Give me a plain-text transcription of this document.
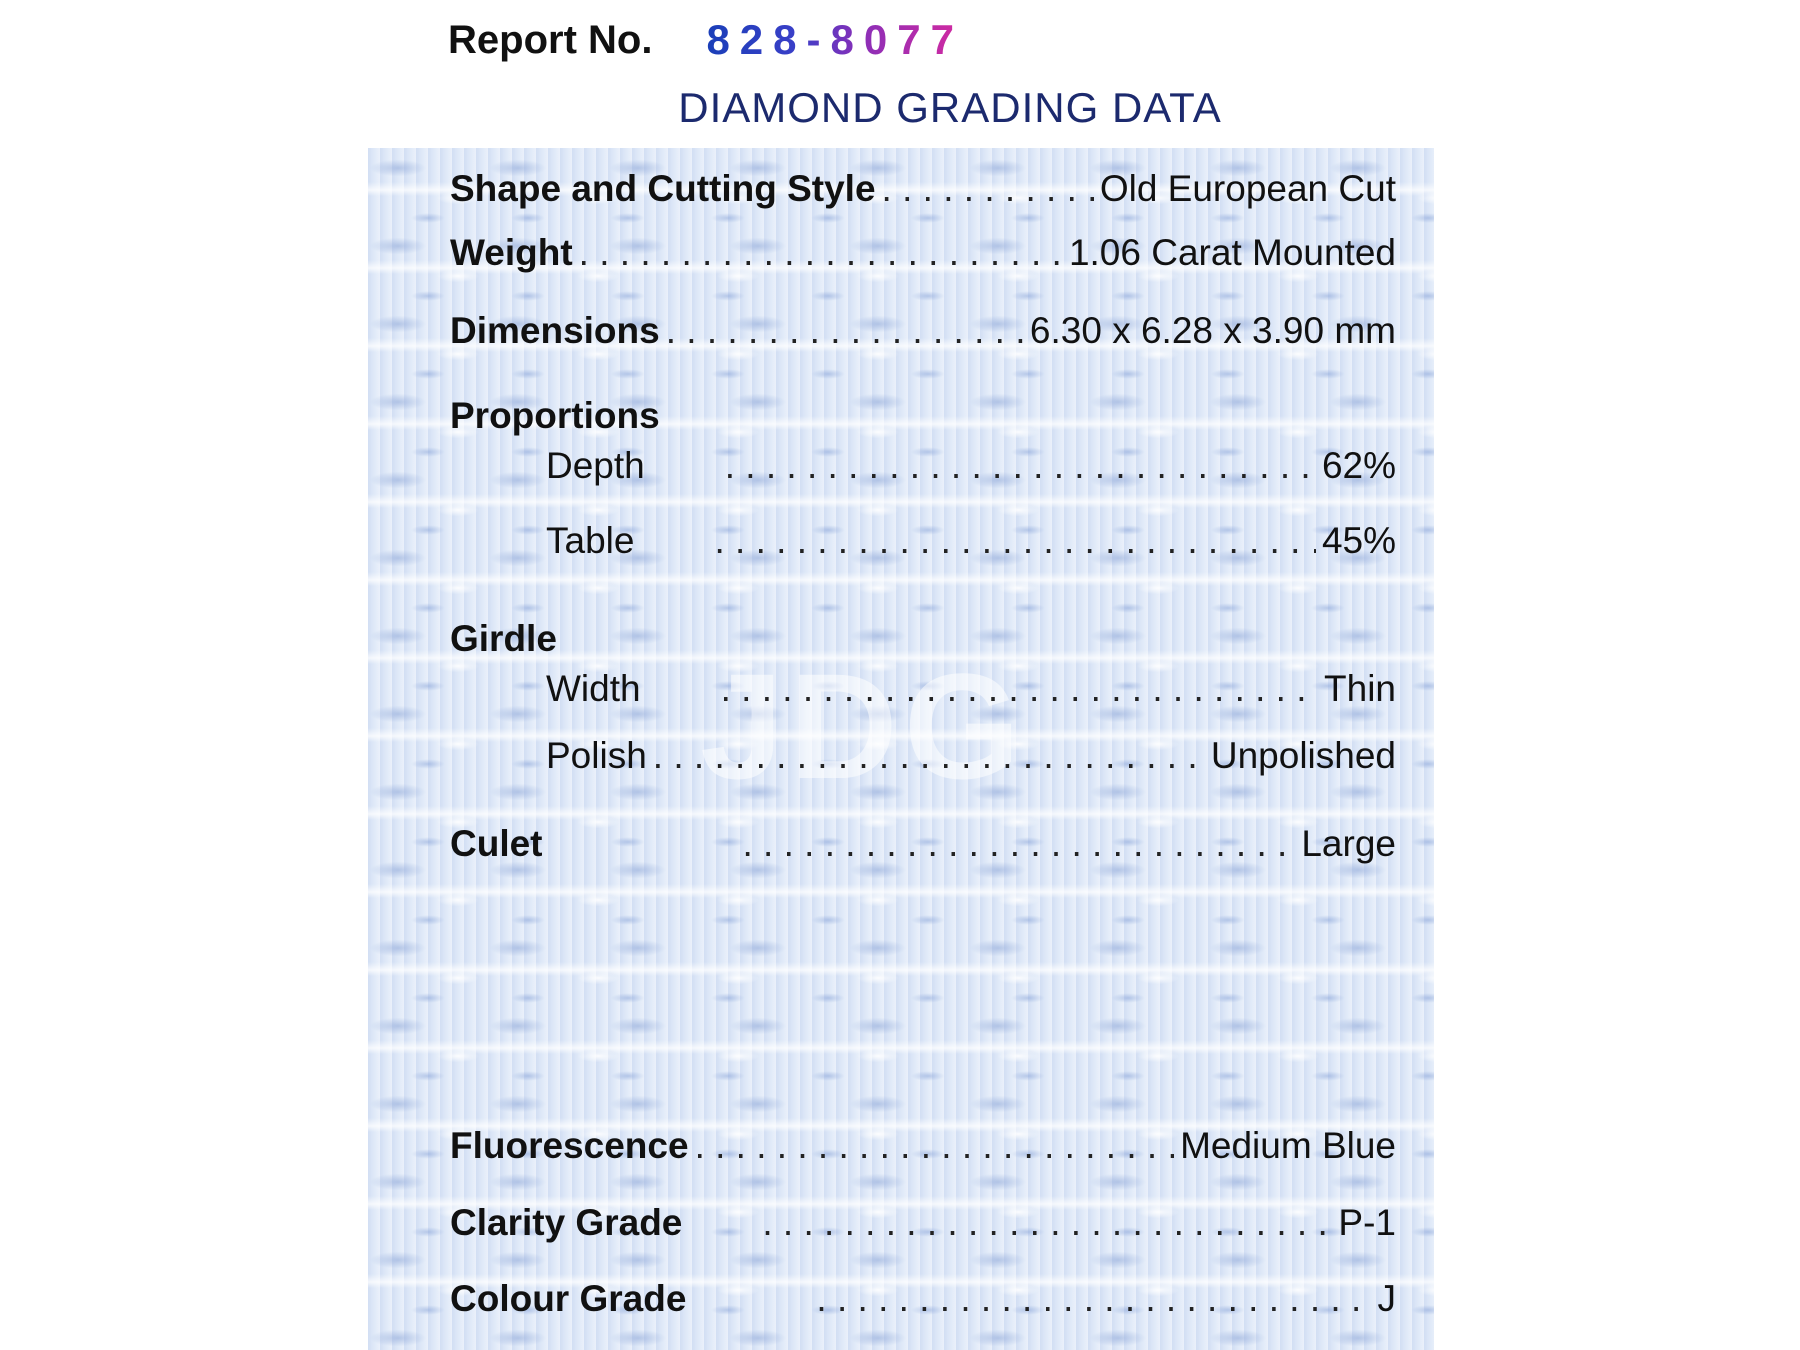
Report No. 828-8077
DIAMOND GRADING DATA
JDG
Shape and Cutting Style . . .	Old European Cut
Weight . . .	1.06 Carat Mounted
Dimensions . . .	6.30 x 6.28 x 3.90 mm
Proportions
Depth . . .	62%
Table . . .	45%
Girdle
Width . . .	Thin
Polish . . .	Unpolished
Culet . . .	Large
Fluorescence . . .	Medium Blue
Clarity Grade . . .	P-1
Colour Grade . . .	J
